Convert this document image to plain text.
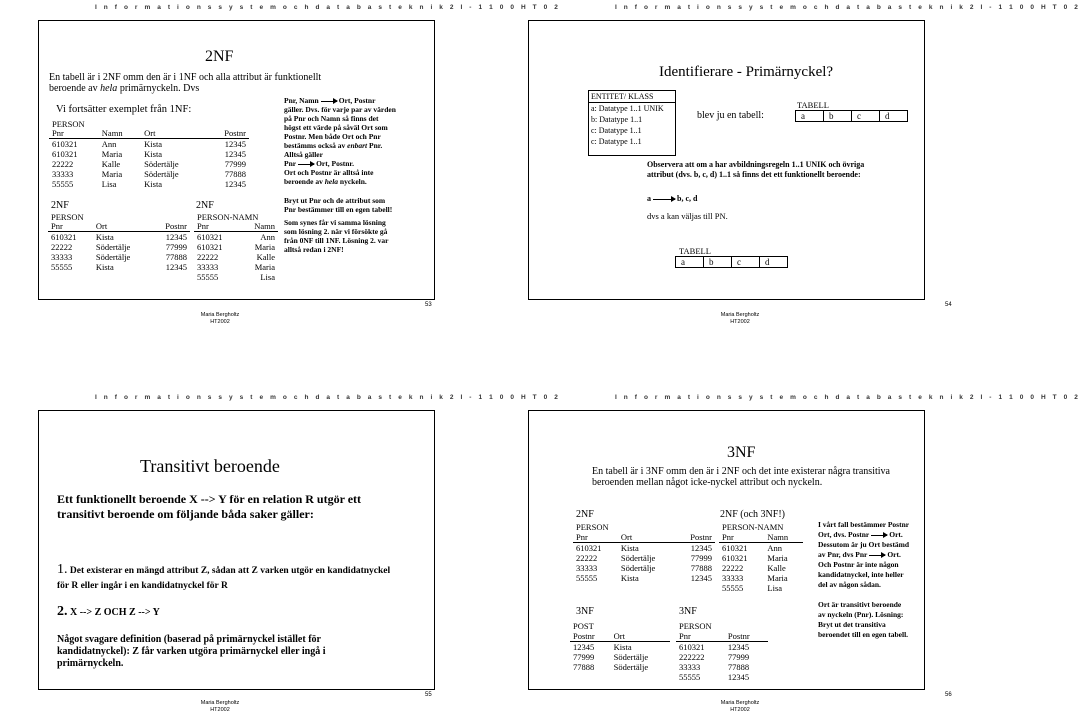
I n f o r m a t i o n s s y s t e m o c h d a t a b a s t e k n i k 2 I - 1 1 0 0 H T 0 2
2NF
En tabell är i 2NF omm den är i 1NF och alla attribut är funktionellt
beroende av hela primärnyckeln. Dvs
Vi fortsätter exemplet från 1NF:
PERSON
Pnr	Namn	Ort	Postnr
610321	Ann	Kista	12345
610321	Maria	Kista	12345
22222	Kalle	Södertälje	77999
33333	Maria	Södertälje	77888
55555	Lisa	Kista	12345
2NF
PERSON
Pnr	Ort	Postnr
610321	Kista	12345
22222	Södertälje	77999
33333	Södertälje	77888
55555	Kista	12345
2NF
PERSON-NAMN
Pnr	Namn
610321	Ann
610321	Maria
22222	Kalle
33333	Maria
55555	Lisa
Pnr, Namn	Ort, Postnr
gäller. Dvs. för varje par av värden på Pnr och Namn så finns det högst ett värde på såväl Ort som Postnr. Men både Ort och Pnr bestämms också av enbart Pnr. Alltså gäller
Pnr	Ort, Postnr.
Ort och Postnr är alltså inte beroende av hela nyckeln.
Bryt ut Pnr och de attribut som Pnr bestämmer till en egen tabell!
Som synes får vi samma lösning som lösning 2. när vi försökte gå från 0NF till 1NF. Lösning 2. var alltså redan i 2NF!
53
Maria Bergholtz
HT2002
I n f o r m a t i o n s s y s t e m o c h d a t a b a s t e k n i k 2 I - 1 1 0 0 H T 0 2
Identifierare - Primärnyckel?
ENTITET/ KLASS
a: Datatype 1..1 UNIK
b: Datatype 1..1
c: Datatype 1..1
c: Datatype 1..1
blev ju en tabell:
TABELL
a	b	c	d
Observera att om a har avbildningsregeln 1..1 UNIK och övriga attribut (dvs. b, c, d) 1..1 så finns det ett funktionellt beroende:
a	b, c, d
dvs a kan väljas till PN.
TABELL
a	b	c	d
54
Maria Bergholtz
HT2002
I n f o r m a t i o n s s y s t e m o c h d a t a b a s t e k n i k 2 I - 1 1 0 0 H T 0 2
Transitivt beroende
Ett funktionellt beroende X --> Y för en relation R utgör ett transitivt beroende om följande båda saker gäller:
1. Det existerar en mängd attribut Z, sådan att Z varken utgör en kandidatnyckel för R eller ingår i en kandidatnyckel för R
2. X --> Z OCH Z --> Y
Något svagare definition (baserad på primärnyckel istället för kandidatnyckel): Z får varken utgöra primärnyckel eller ingå i primärnyckeln.
55
Maria Bergholtz
HT2002
I n f o r m a t i o n s s y s t e m o c h d a t a b a s t e k n i k 2 I - 1 1 0 0 H T 0 2
3NF
En tabell är i 3NF omm den är i 2NF och det inte existerar några transitiva beroenden mellan något icke-nyckel attribut och nyckeln.
2NF
PERSON
Pnr	Ort	Postnr
610321	Kista	12345
22222	Södertälje	77999
33333	Södertälje	77888
55555	Kista	12345
2NF (och 3NF!)
PERSON-NAMN
Pnr	Namn
610321	Ann
610321	Maria
22222	Kalle
33333	Maria
55555	Lisa
I vårt fall bestämmer Postnr Ort, dvs. Postnr	Ort. Dessutom är ju Ort bestämd av Pnr, dvs Pnr	Ort. Och Postnr är inte någon kandidatnyckel, inte heller del av någon sådan.
Ort är transitivt beroende av nyckeln (Pnr). Lösning: Bryt ut det transitiva beroendet till en egen tabell.
3NF
POST
Postnr	Ort
12345	Kista
77999	Södertälje
77888	Södertälje
3NF
PERSON
Pnr	Postnr
610321	12345
222222	77999
33333	77888
55555	12345
56
Maria Bergholtz
HT2002
